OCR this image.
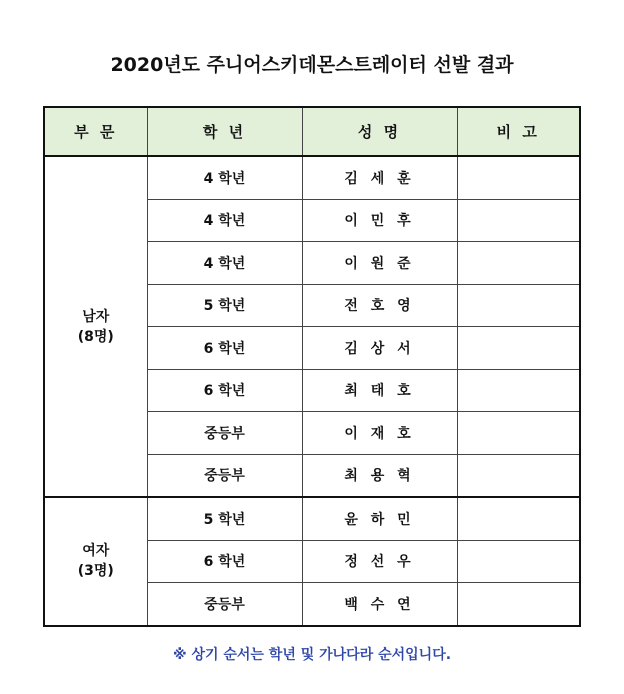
2020년도 주니어스키데몬스트레이터 선발 결과
부 문	학 년	성 명	비 고
남자
(8명)	4 학년	김 세 훈	
	4 학년	이 민 후	
	4 학년	이 원 준	
	5 학년	전 호 영	
	6 학년	김 상 서	
	6 학년	최 태 호	
	중등부	이 재 호	
	중등부	최 용 혁	
여자
(3명)	5 학년	윤 하 민	
	6 학년	정 선 우	
	중등부	백 수 연	
※ 상기 순서는 학년 및 가나다라 순서입니다.
